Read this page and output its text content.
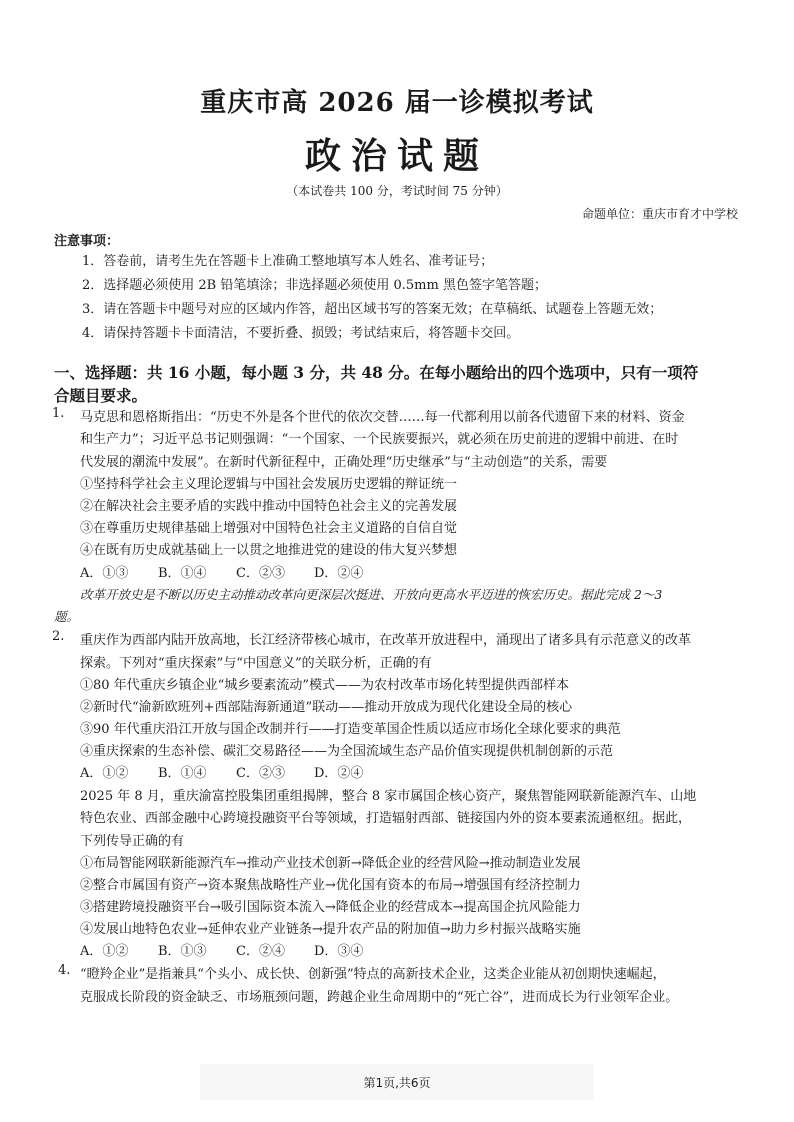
重庆市高 2026 届一诊模拟考试
政治试题
（本试卷共 100 分，考试时间 75 分钟）
命题单位：重庆市育才中学校
注意事项：
1．答卷前，请考生先在答题卡上准确工整地填写本人姓名、准考证号；
2．选择题必须使用 2B 铅笔填涂；非选择题必须使用 0.5mm 黑色签字笔答题；
3．请在答题卡中题号对应的区域内作答，超出区域书写的答案无效；在草稿纸、试题卷上答题无效；
4．请保持答题卡卡面清洁，不要折叠、损毁；考试结束后，将答题卡交回。
一、选择题：共 16 小题，每小题 3 分，共 48 分。在每小题给出的四个选项中，只有一项符
合题目要求。
1. 马克思和恩格斯指出：“历史不外是各个世代的依次交替……每一代都利用以前各代遗留下来的材料、资金
和生产力”；习近平总书记则强调：“一个国家、一个民族要振兴，就必须在历史前进的逻辑中前进、在时
代发展的潮流中发展”。在新时代新征程中，正确处理“历史继承”与“主动创造”的关系，需要
①坚持科学社会主义理论逻辑与中国社会发展历史逻辑的辩证统一
②在解决社会主要矛盾的实践中推动中国特色社会主义的完善发展
③在尊重历史规律基础上增强对中国特色社会主义道路的自信自觉
④在既有历史成就基础上一以贯之地推进党的建设的伟大复兴梦想
A．①③ B．①④ C．②③ D．②④
改革开放史是不断以历史主动推动改革向更深层次挺进、开放向更高水平迈进的恢宏历史。据此完成 2～3
题。
2. 重庆作为西部内陆开放高地，长江经济带核心城市，在改革开放进程中，涌现出了诸多具有示范意义的改革
探索。下列对“重庆探索”与“中国意义”的关联分析，正确的有
①80 年代重庆乡镇企业“城乡要素流动”模式——为农村改革市场化转型提供西部样本
②新时代“渝新欧班列+西部陆海新通道”联动——推动开放成为现代化建设全局的核心
③90 年代重庆沿江开放与国企改制并行——打造变革国企性质以适应市场化全球化要求的典范
④重庆探索的生态补偿、碳汇交易路径——为全国流域生态产品价值实现提供机制创新的示范
A．①② B．①④ C．②③ D．②④
2025 年 8 月，重庆渝富控股集团重组揭牌，整合 8 家市属国企核心资产，聚焦智能网联新能源汽车、山地
特色农业、西部金融中心跨境投融资平台等领域，打造辐射西部、链接国内外的资本要素流通枢纽。据此，
下列传导正确的有
①布局智能网联新能源汽车→推动产业技术创新→降低企业的经营风险→推动制造业发展
②整合市属国有资产→资本聚焦战略性产业→优化国有资本的布局→增强国有经济控制力
③搭建跨境投融资平台→吸引国际资本流入→降低企业的经营成本→提高国企抗风险能力
④发展山地特色农业→延伸农业产业链条→提升农产品的附加值→助力乡村振兴战略实施
A．①② B．①③ C．②④ D．③④
4. “瞪羚企业”是指兼具“个头小、成长快、创新强”特点的高新技术企业，这类企业能从初创期快速崛起，
克服成长阶段的资金缺乏、市场瓶颈问题，跨越企业生命周期中的“死亡谷”，进而成长为行业领军企业。
第1页,共6页
